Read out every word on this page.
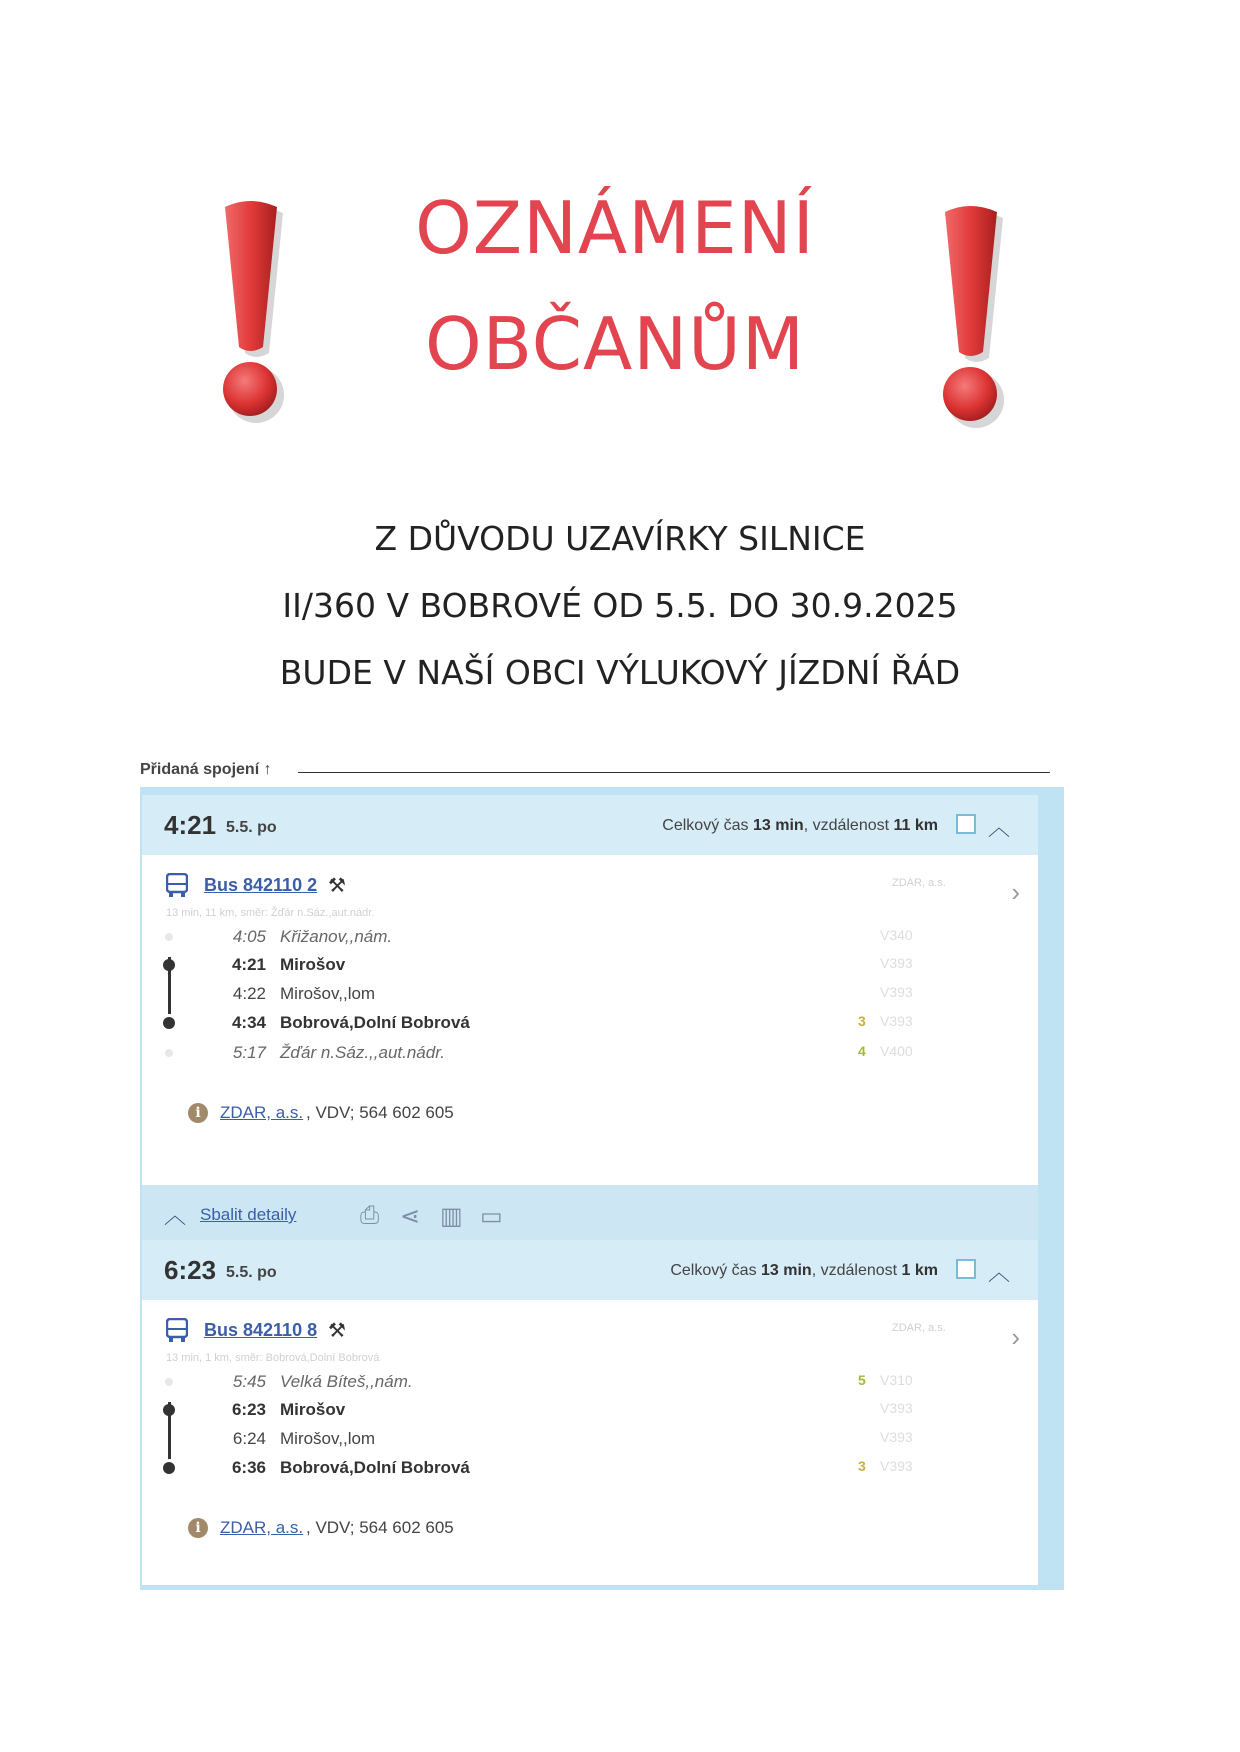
OZNÁMENÍ
OBČANŮM
Z DŮVODU UZAVÍRKY SILNICE
II/360 V BOBROVÉ OD 5.5. DO 30.9.2025
BUDE V NAŠÍ OBCI VÝLUKOVÝ JÍZDNÍ ŘÁD
Přidaná spojení ↑
4:21 5.5. po	Celkový čas 13 min, vzdálenost 11 km ︿
Bus 842110 2 ⚒	ZDAR, a.s.	›
13 min, 11 km, směr: Žďár n.Sáz.,aut.nádr.
4:05 Křižanov,,nám.	V340
4:21 Mirošov	V393
4:22 Mirošov,,lom	V393
4:34 Bobrová,Dolní Bobrová	3 V393
5:17 Žďár n.Sáz.,,aut.nádr.	4 V400
i	ZDAR, a.s. , VDV; 564 602 605
︿ Sbalit detaily	⎙ ⋖ ▥ ▭
6:23 5.5. po	Celkový čas 13 min, vzdálenost 1 km ︿
Bus 842110 8 ⚒	ZDAR, a.s.	›
13 min, 1 km, směr: Bobrová,Dolní Bobrová
5:45 Velká Bíteš,,nám.	5 V310
6:23 Mirošov	V393
6:24 Mirošov,,lom	V393
6:36 Bobrová,Dolní Bobrová	3 V393
i	ZDAR, a.s. , VDV; 564 602 605
